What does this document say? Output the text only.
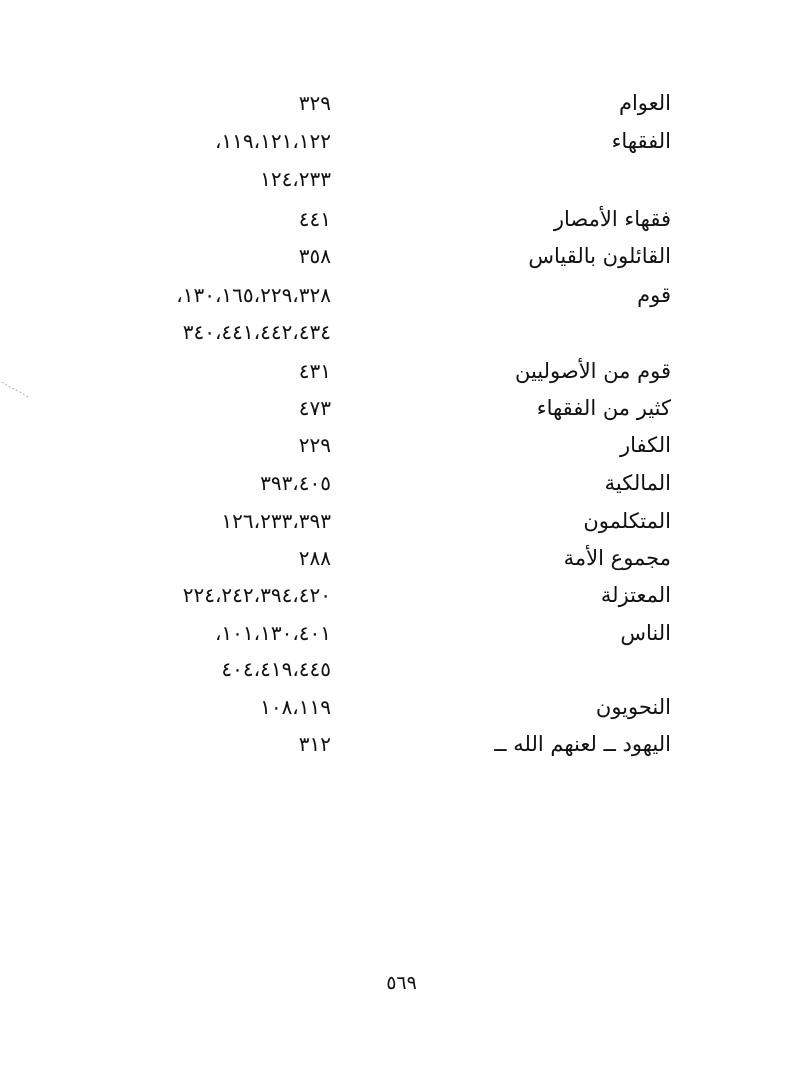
العوام
٣٢٩
الفقهاء
١١٩،١٢١،١٢٢،
١٢٤،٢٣٣
فقهاء الأمصار
٤٤١
القائلون بالقياس
٣٥٨
قوم
١٣٠،١٦٥،٢٢٩،٣٢٨،
٣٤٠،٤٤١،٤٤٢،٤٣٤
قوم من الأصوليين
٤٣١
كثير من الفقهاء
٤٧٣
الكفار
٢٢٩
المالكية
٣٩٣،٤٠٥
المتكلمون
١٢٦،٢٣٣،٣٩٣
مجموع الأمة
٢٨٨
المعتزلة
٢٢٤،٢٤٢،٣٩٤،٤٢٠
الناس
١٠١،١٣٠،٤٠١،
٤٠٤،٤١٩،٤٤٥
النحويون
١٠٨،١١٩
اليهود ــ لعنهم الله ــ
٣١٢
٥٦٩
